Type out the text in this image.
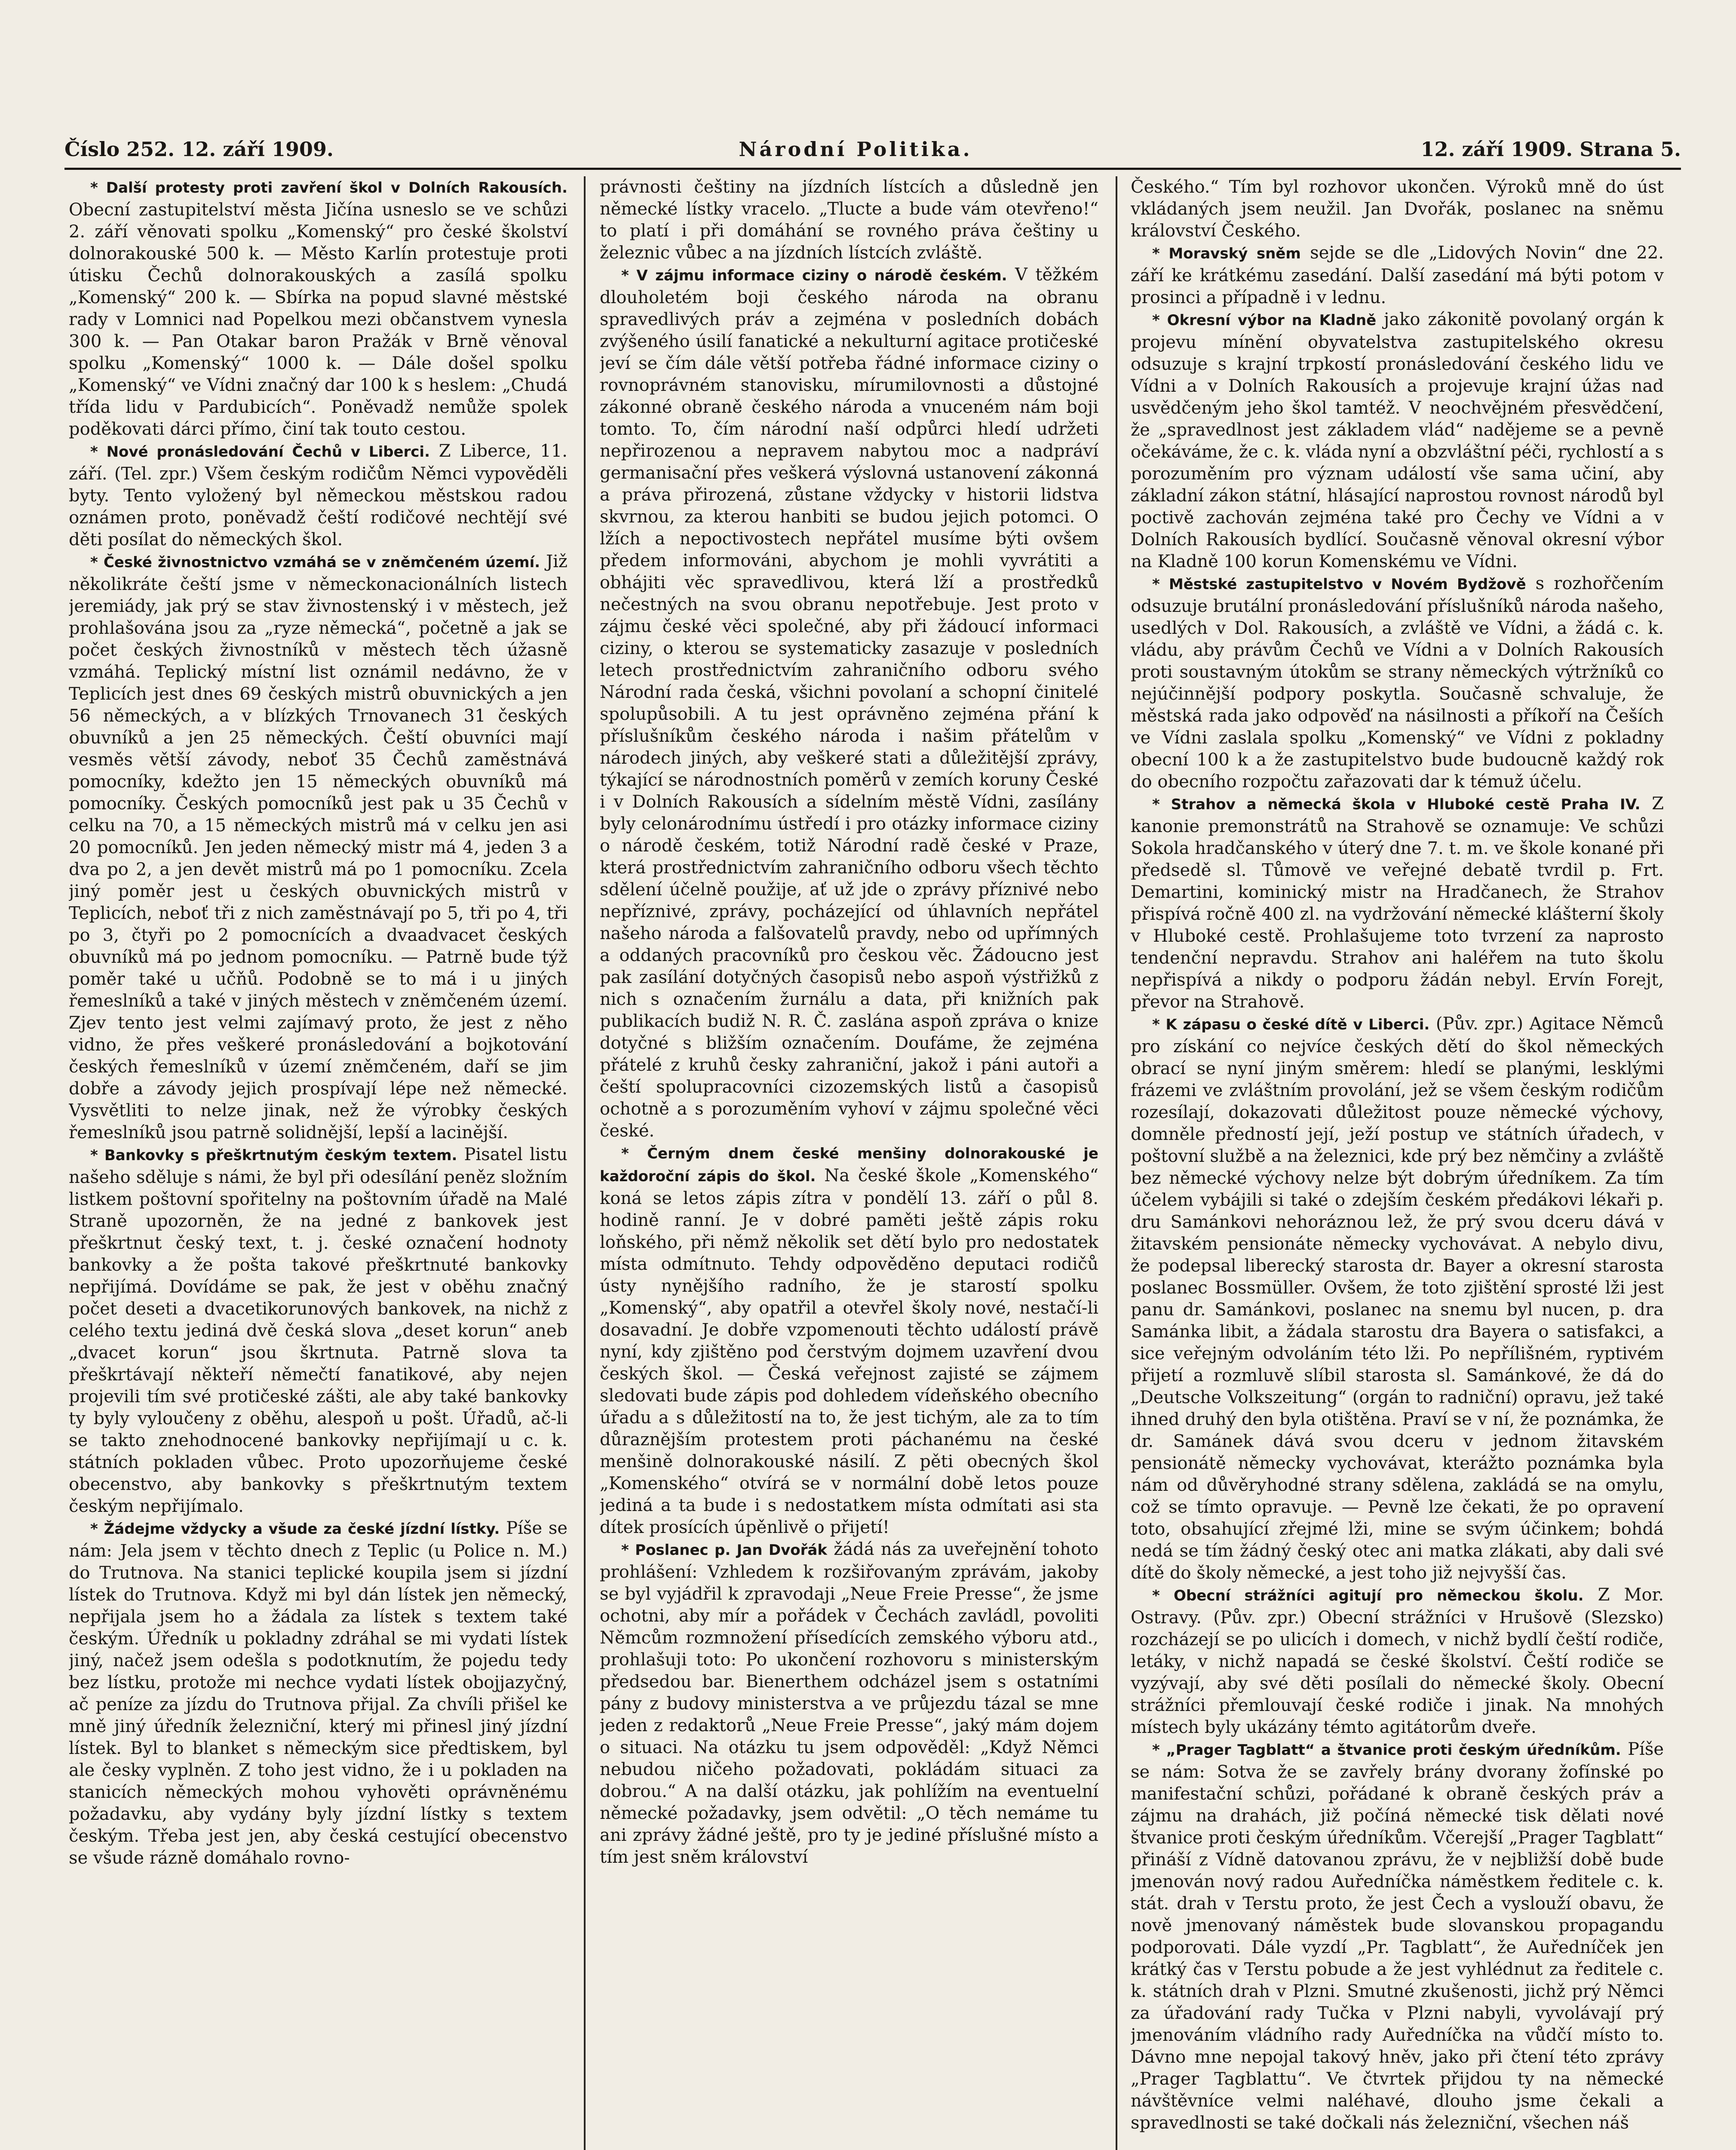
Číslo 252. 12. září 1909.	Národní Politika.	12. září 1909. Strana 5.

* Další protesty proti zavření škol v Dolních Rakousích. Obecní zastupitelství města Jičína usneslo se ve schůzi 2. září věnovati spolku „Komenský“ pro české školství dolnorakouské 500 k. — Město Karlín protestuje proti útisku Čechů dolnorakouských a zasílá spolku „Komenský“ 200 k. — Sbírka na popud slavné městské rady v Lomnici nad Popelkou mezi občanstvem vynesla 300 k. — Pan Otakar baron Pražák v Brně věnoval spolku „Komenský“ 1000 k. — Dále došel spolku „Komenský“ ve Vídni značný dar 100 k s heslem: „Chudá třída lidu v Pardubicích“. Poněvadž nemůže spolek poděkovati dárci přímo, činí tak touto cestou.

* Nové pronásledování Čechů v Liberci. Z Liberce, 11. září. (Tel. zpr.) Všem českým rodičům Němci vypověděli byty. Tento vyložený byl německou městskou radou oznámen proto, poněvadž čeští rodičové nechtějí své děti posílat do německých škol.

* České živnostnictvo vzmáhá se v zněmčeném území. Již několikráte čeští jsme v německonacionálních listech jeremiády, jak prý se stav živnostenský i v městech, jež prohlašována jsou za „ryze německá“, početně a jak se počet českých živnostníků v městech těch úžasně vzmáhá. Teplický místní list oznámil nedávno, že v Teplicích jest dnes 69 českých mistrů obuvnických a jen 56 německých, a v blízkých Trnovanech 31 českých obuvníků a jen 25 německých. Čeští obuvníci mají vesměs větší závody, neboť 35 Čechů zaměstnává pomocníky, kdežto jen 15 německých obuvníků má pomocníky. Českých pomocníků jest pak u 35 Čechů v celku na 70, a 15 německých mistrů má v celku jen asi 20 pomocníků. Jen jeden německý mistr má 4, jeden 3 a dva po 2, a jen devět mistrů má po 1 pomocníku. Zcela jiný poměr jest u českých obuvnických mistrů v Teplicích, neboť tři z nich zaměstnávají po 5, tři po 4, tři po 3, čtyři po 2 pomocnících a dvaadvacet českých obuvníků má po jednom pomocníku. — Patrně bude týž poměr také u učňů. Podobně se to má i u jiných řemeslníků a také v jiných městech v zněmčeném území. Zjev tento jest velmi zajímavý proto, že jest z něho vidno, že přes veškeré pronásledování a bojkotování českých řemeslníků v území zněmčeném, daří se jim dobře a závody jejich prospívají lépe než německé. Vysvětliti to nelze jinak, než že výrobky českých řemeslníků jsou patrně solidnější, lepší a lacinější.

* Bankovky s přeškrtnutým českým textem. Pisatel listu našeho sděluje s námi, že byl při odesílání peněz složním listkem poštovní spořitelny na poštovním úřadě na Malé Straně upozorněn, že na jedné z bankovek jest přeškrtnut český text, t. j. české označení hodnoty bankovky a že pošta takové přeškrtnuté bankovky nepřijímá. Dovídáme se pak, že jest v oběhu značný počet deseti a dvacetikorunových bankovek, na nichž z celého textu jediná dvě česká slova „deset korun“ aneb „dvacet korun“ jsou škrtnuta. Patrně slova ta přeškrtávají někteří němečtí fanatikové, aby nejen projevili tím své protičeské zášti, ale aby také bankovky ty byly vyloučeny z oběhu, alespoň u pošt. Úřadů, ač-li se takto znehodnocené bankovky nepřijímají u c. k. státních pokladen vůbec. Proto upozorňujeme české obecenstvo, aby bankovky s přeškrtnutým textem českým nepřijímalo.

* Žádejme vždycky a všude za české jízdní lístky. Píše se nám: Jela jsem v těchto dnech z Teplic (u Police n. M.) do Trutnova. Na stanici teplické koupila jsem si jízdní lístek do Trutnova. Když mi byl dán lístek jen německý, nepřijala jsem ho a žádala za lístek s textem také českým. Úředník u pokladny zdráhal se mi vydati lístek jiný, načež jsem odešla s podotknutím, že pojedu tedy bez lístku, protože mi nechce vydati lístek obojjazyčný, ač peníze za jízdu do Trutnova přijal. Za chvíli přišel ke mně jiný úředník železniční, který mi přinesl jiný jízdní lístek. Byl to blanket s německým sice předtiskem, byl ale česky vyplněn. Z toho jest vidno, že i u pokladen na stanicích německých mohou vyhověti oprávněnému požadavku, aby vydány byly jízdní lístky s textem českým. Třeba jest jen, aby česká cestující obecenstvo se všude rázně domáhalo rovno-

právnosti češtiny na jízdních lístcích a důsledně jen německé lístky vracelo. „Tlucte a bude vám otevřeno!“ to platí i při domáhání se rovného práva češtiny u železnic vůbec a na jízdních lístcích zvláště.

* V zájmu informace ciziny o národě českém. V těžkém dlouholetém boji českého národa na obranu spravedlivých práv a zejména v posledních dobách zvýšeného úsilí fanatické a nekulturní agitace protičeské jeví se čím dále větší potřeba řádné informace ciziny o rovnoprávném stanovisku, mírumilovnosti a důstojné zákonné obraně českého národa a vnuceném nám boji tomto. To, čím národní naší odpůrci hledí udržeti nepřirozenou a nepravem nabytou moc a nadpráví germanisační přes veškerá výslovná ustanovení zákonná a práva přirozená, zůstane vždycky v historii lidstva skvrnou, za kterou hanbiti se budou jejich potomci. O lžích a nepoctivostech nepřátel musíme býti ovšem předem informováni, abychom je mohli vyvrátiti a obhájiti věc spravedlivou, která lží a prostředků nečestných na svou obranu nepotřebuje. Jest proto v zájmu české věci společné, aby při žádoucí informaci ciziny, o kterou se systematicky zasazuje v posledních letech prostřednictvím zahraničního odboru svého Národní rada česká, všichni povolaní a schopní činitelé spolupůsobili. A tu jest oprávněno zejména přání k příslušníkům českého národa i našim přátelům v národech jiných, aby veškeré stati a důležitější zprávy, týkající se národnostních poměrů v zemích koruny České i v Dolních Rakousích a sídelním městě Vídni, zasílány byly celonárodnímu ústředí i pro otázky informace ciziny o národě českém, totiž Národní radě české v Praze, která prostřednictvím zahraničního odboru všech těchto sdělení účelně použije, ať už jde o zprávy příznivé nebo nepříznivé, zprávy, pocházející od úhlavních nepřátel našeho národa a falšovatelů pravdy, nebo od upřímných a oddaných pracovníků pro českou věc. Žádoucno jest pak zasílání dotyčných časopisů nebo aspoň výstřižků z nich s označením žurnálu a data, při knižních pak publikacích budiž N. R. Č. zaslána aspoň zpráva o knize dotyčné s bližším označením. Doufáme, že zejména přátelé z kruhů česky zahraniční, jakož i páni autoři a čeští spolupracovníci cizozemských listů a časopisů ochotně a s porozuměním vyhoví v zájmu společné věci české.

* Černým dnem české menšiny dolnorakouské je každoroční zápis do škol. Na české škole „Komenského“ koná se letos zápis zítra v pondělí 13. září o půl 8. hodině ranní. Je v dobré paměti ještě zápis roku loňského, při němž několik set dětí bylo pro nedostatek místa odmítnuto. Tehdy odpověděno deputaci rodičů ústy nynějšího radního, že je starostí spolku „Komenský“, aby opatřil a otevřel školy nové, nestačí-li dosavadní. Je dobře vzpomenouti těchto událostí právě nyní, kdy zjištěno pod čerstvým dojmem uzavření dvou českých škol. — Česká veřejnost zajisté se zájmem sledovati bude zápis pod dohledem vídeňského obecního úřadu a s důležitostí na to, že jest tichým, ale za to tím důraznějším protestem proti páchanému na české menšině dolnorakouské násilí. Z pěti obecných škol „Komenského“ otvírá se v normální době letos pouze jediná a ta bude i s nedostatkem místa odmítati asi sta dítek prosících úpěnlivě o přijetí!

* Poslanec p. Jan Dvořák žádá nás za uveřejnění tohoto prohlášení: Vzhledem k rozšiřovaným zprávám, jakoby se byl vyjádřil k zpravodaji „Neue Freie Presse“, že jsme ochotni, aby mír a pořádek v Čechách zavládl, povoliti Němcům rozmnožení přísedících zemského výboru atd., prohlašuji toto: Po ukončení rozhovoru s ministerským předsedou bar. Bienerthem odcházel jsem s ostatními pány z budovy ministerstva a ve průjezdu tázal se mne jeden z redaktorů „Neue Freie Presse“, jaký mám dojem o situaci. Na otázku tu jsem odpověděl: „Když Němci nebudou ničeho požadovati, pokládám situaci za dobrou.“ A na další otázku, jak pohlížím na eventuelní německé požadavky, jsem odvětil: „O těch nemáme tu ani zprávy žádné ještě, pro ty je jediné příslušné místo a tím jest sněm království

Českého.“ Tím byl rozhovor ukončen. Výroků mně do úst vkládaných jsem neužil. Jan Dvořák, poslanec na sněmu království Českého.

* Moravský sněm sejde se dle „Lidových Novin“ dne 22. září ke krátkému zasedání. Další zasedání má býti potom v prosinci a případně i v lednu.

* Okresní výbor na Kladně jako zákonitě povolaný orgán k projevu mínění obyvatelstva zastupitelského okresu odsuzuje s krajní trpkostí pronásledování českého lidu ve Vídni a v Dolních Rakousích a projevuje krajní úžas nad usvědčeným jeho škol tamtéž. V neochvějném přesvědčení, že „spravedlnost jest základem vlád“ nadějeme se a pevně očekáváme, že c. k. vláda nyní a obzvláštní péči, rychlostí a s porozuměním pro význam událostí vše sama učiní, aby základní zákon státní, hlásající naprostou rovnost národů byl poctivě zachován zejména také pro Čechy ve Vídni a v Dolních Rakousích bydlící. Současně věnoval okresní výbor na Kladně 100 korun Komenskému ve Vídni.

* Městské zastupitelstvo v Novém Bydžově s rozhořčením odsuzuje brutální pronásledování příslušníků národa našeho, usedlých v Dol. Rakousích, a zvláště ve Vídni, a žádá c. k. vládu, aby právům Čechů ve Vídni a v Dolních Rakousích proti soustavným útokům se strany německých výtržníků co nejúčinnější podpory poskytla. Současně schvaluje, že městská rada jako odpověď na násilnosti a příkoří na Češích ve Vídni zaslala spolku „Komenský“ ve Vídni z pokladny obecní 100 k a že zastupitelstvo bude budoucně každý rok do obecního rozpočtu zařazovati dar k témuž účelu.

* Strahov a německá škola v Hluboké cestě Praha IV. Z kanonie premonstrátů na Strahově se oznamuje: Ve schůzi Sokola hradčanského v úterý dne 7. t. m. ve škole konané při předsedě sl. Tůmově ve veřejné debatě tvrdil p. Frt. Demartini, kominický mistr na Hradčanech, že Strahov přispívá ročně 400 zl. na vydržování německé klášterní školy v Hluboké cestě. Prohlašujeme toto tvrzení za naprosto tendenční nepravdu. Strahov ani haléřem na tuto školu nepřispívá a nikdy o podporu žádán nebyl. Ervín Forejt, převor na Strahově.

* K zápasu o české dítě v Liberci. (Pův. zpr.) Agitace Němců pro získání co nejvíce českých dětí do škol německých obrací se nyní jiným směrem: hledí se planými, lesklými frázemi ve zvláštním provolání, jež se všem českým rodičům rozesílají, dokazovati důležitost pouze německé výchovy, domněle předností její, ježí postup ve státních úřadech, v poštovní službě a na železnici, kde prý bez němčiny a zvláště bez německé výchovy nelze být dobrým úředníkem. Za tím účelem vybájili si také o zdejším českém předákovi lékaři p. dru Samánkovi nehoráznou lež, že prý svou dceru dává v žitavském pensionáte německy vychovávat. A nebylo divu, že podepsal liberecký starosta dr. Bayer a okresní starosta poslanec Bossmüller. Ovšem, že toto zjištění sprosté lži jest panu dr. Samánkovi, poslanec na snemu byl nucen, p. dra Samánka libit, a žádala starostu dra Bayera o satisfakci, a sice veřejným odvoláním této lži. Po nepřílišném, ryptivém přijetí a rozmluvě slíbil starosta sl. Samánkové, že dá do „Deutsche Volkszeitung“ (orgán to radniční) opravu, jež také ihned druhý den byla otištěna. Praví se v ní, že poznámka, že dr. Samánek dává svou dceru v jednom žitavském pensionátě německy vychovávat, kterážto poznámka byla nám od důvěryhodné strany sdělena, zakládá se na omylu, což se tímto opravuje. — Pevně lze čekati, že po opravení toto, obsahující zřejmé lži, mine se svým účinkem; bohdá nedá se tím žádný český otec ani matka zlákati, aby dali své dítě do školy německé, a jest toho již nejvyšší čas.

* Obecní strážníci agitují pro německou školu. Z Mor. Ostravy. (Pův. zpr.) Obecní strážníci v Hrušově (Slezsko) rozcházejí se po ulicích i domech, v nichž bydlí čeští rodiče, letáky, v nichž napadá se české školství. Čeští rodiče se vyzývají, aby své děti posílali do německé školy. Obecní strážníci přemlouvají české rodiče i jinak. Na mnohých místech byly ukázány témto agitátorům dveře.

* „Prager Tagblatt“ a štvanice proti českým úředníkům. Píše se nám: Sotva že se zavřely brány dvorany žofínské po manifestační schůzi, pořádané k obraně českých práv a zájmu na drahách, již počíná německé tisk dělati nové štvanice proti českým úředníkům. Včerejší „Prager Tagblatt“ přináší z Vídně datovanou zprávu, že v nejbližší době bude jmenován nový radou Auředníčka náměstkem ředitele c. k. stát. drah v Terstu proto, že jest Čech a vyslouží obavu, že nově jmenovaný náměstek bude slovanskou propagandu podporovati. Dále vyzdí „Pr. Tagblatt“, že Auředníček jen krátký čas v Terstu pobude a že jest vyhlédnut za ředitele c. k. státních drah v Plzni. Smutné zkušenosti, jichž prý Němci za úřadování rady Tučka v Plzni nabyli, vyvolávají prý jmenováním vládního rady Auředníčka na vůdčí místo to. Dávno mne nepojal takový hněv, jako při čtení této zprávy „Prager Tagblattu“. Ve čtvrtek přijdou ty na německé návštěvníce velmi naléhavé, dlouho jsme čekali a spravedlnosti se také dočkali nás železniční, všechen náš
